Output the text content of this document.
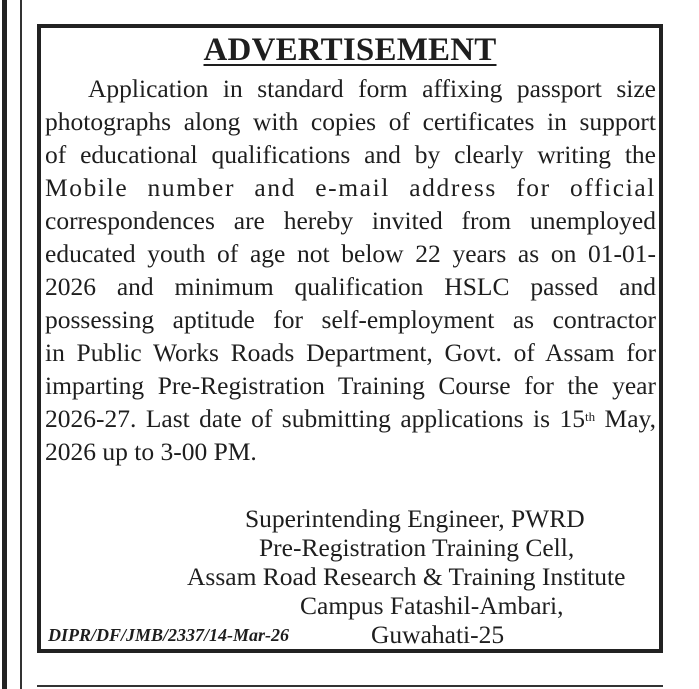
ADVERTISEMENT
Application in standard form affixing passport size
photographs along with copies of certificates in support
of educational qualifications and by clearly writing the
Mobile number and e-mail address for official
correspondences are hereby invited from unemployed
educated youth of age not below 22 years as on 01-01-
2026 and minimum qualification HSLC passed and
possessing aptitude for self-employment as contractor
in Public Works Roads Department, Govt. of Assam for
imparting Pre-Registration Training Course for the year
2026-27. Last date of submitting applications is 15th May,
2026 up to 3-00 PM.
Superintending Engineer, PWRD
Pre-Registration Training Cell,
Assam Road Research & Training Institute
Campus Fatashil-Ambari,
DIPR/DF/JMB/2337/14-Mar-26	Guwahati-25
